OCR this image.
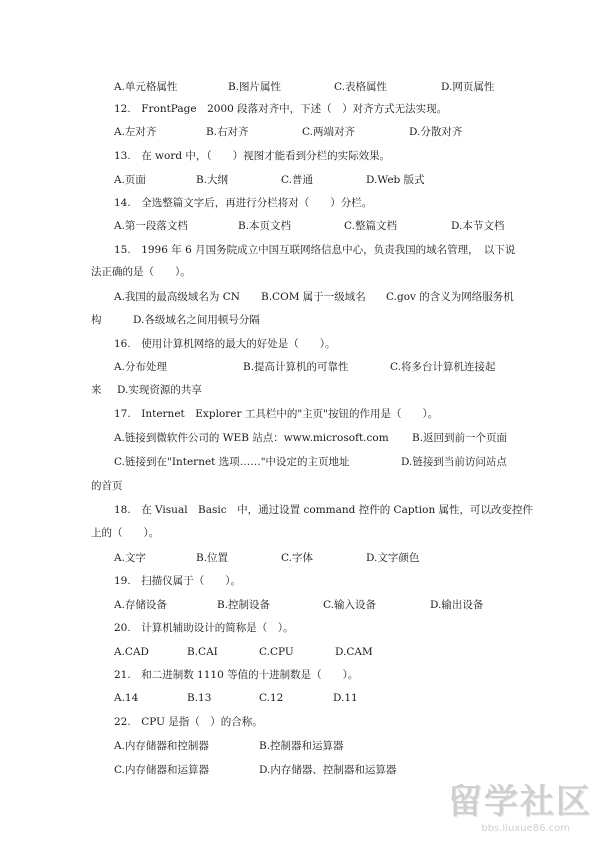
A.单元格属性	B.图片属性	C.表格属性	D.网页属性
12.　FrontPage　2000 段落对齐中，下述（　）对齐方式无法实现。
A.左对齐	B.右对齐	C.两端对齐	D.分散对齐
13.　在 word 中，（　　）视图才能看到分栏的实际效果。
A.页面	B.大纲	C.普通	D.Web 版式
14.　全选整篇文字后，再进行分栏将对（　　）分栏。
A.第一段落文档	B.本页文档	C.整篇文档	D.本节文档
15.　1996 年 6 月国务院成立中国互联网络信息中心，负责我国的域名管理，　以下说
法正确的是（　　）。
A.我国的最高级域名为 CN B.COM 属于一级域名 C.gov 的含义为网络服务机
构	D.各级域名之间用顿号分隔
16.　使用计算机网络的最大的好处是（　　）。
A.分布处理	B.提高计算机的可靠性	C.将多台计算机连接起
来 D.实现资源的共享
17.　Internet　Explorer 工具栏中的"主页"按钮的作用是（　　）。
A.链接到微软件公司的 WEB 站点：www.microsoft.com B.返回到前一个页面
C.链接到在"Internet 选项……"中设定的主页地址	D.链接到当前访问站点
的首页
18.　在 Visual　Basic　中，通过设置 command 控件的 Caption 属性，可以改变控件
上的（　　）。
A.文字	B.位置	C.字体	D.文字颜色
19.　扫描仪属于（　　）。
A.存储设备	B.控制设备	C.输入设备	D.输出设备
20.　计算机辅助设计的简称是（　）。
A.CAD	B.CAI	C.CPU	D.CAM
21.　和二进制数 1110 等值的十进制数是（　　）。
A.14	B.13	C.12	D.11
22.　CPU 是指（　）的合称。
A.内存储器和控制器	B.控制器和运算器
C.内存储器和运算器	D.内存储器、控制器和运算器
留学社区
bbs.liuxue86.com
